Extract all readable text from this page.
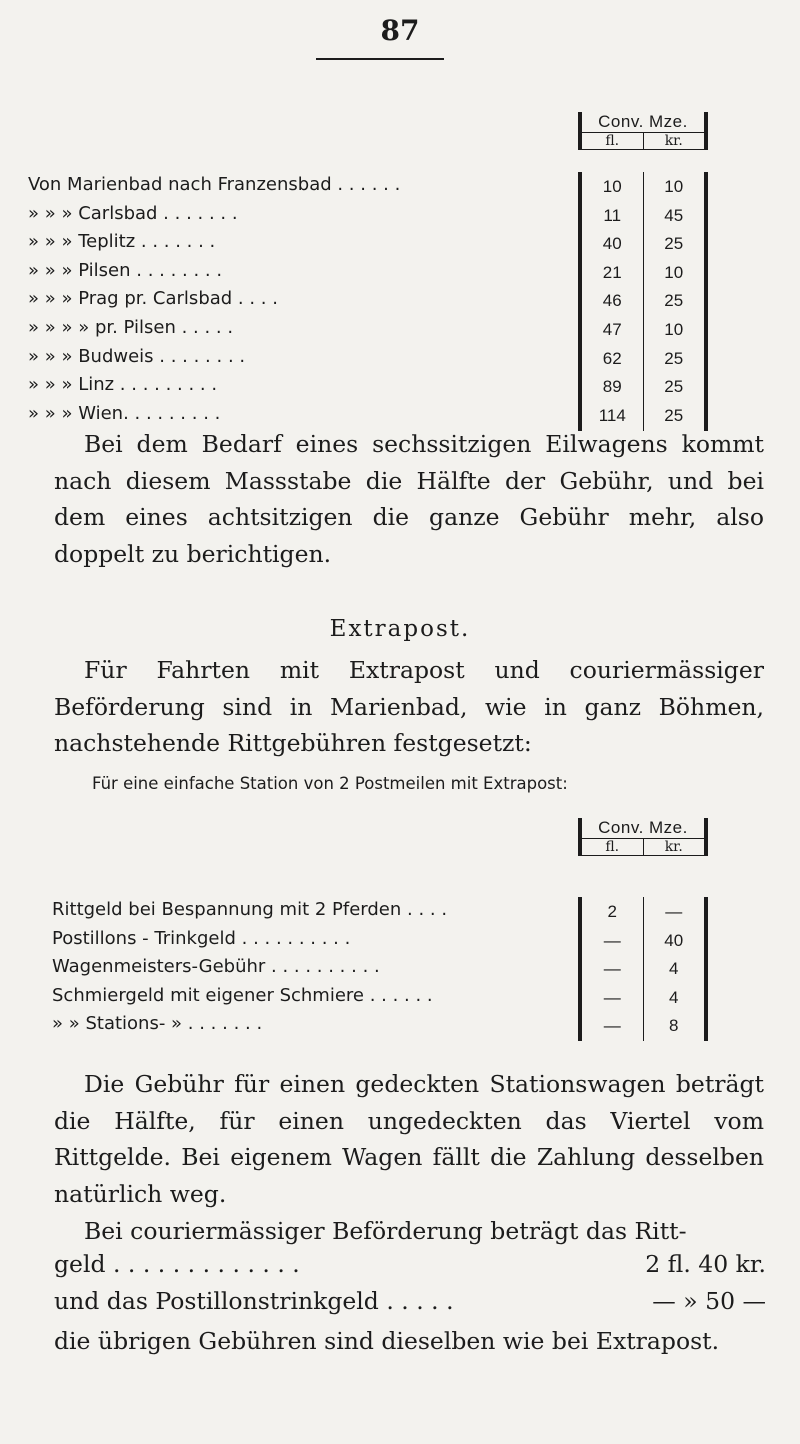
87
Conv. Mze.
fl.	kr.
Von Marienbad nach Franzensbad . . . . . .	10	10
» » » Carlsbad . . . . . . .	11	45
» » » Teplitz . . . . . . .	40	25
» » » Pilsen . . . . . . . .	21	10
» » » Prag pr. Carlsbad . . . .	46	25
» » » » pr. Pilsen . . . . .	47	10
» » » Budweis . . . . . . . .	62	25
» » » Linz . . . . . . . . .	89	25
» » » Wien. . . . . . . . .	114	25
Bei dem Bedarf eines sechssitzigen Eilwagens kommt nach diesem Massstabe die Hälfte der Gebühr, und bei dem eines achtsitzigen die ganze Gebühr mehr, also doppelt zu berichtigen.
Extrapost.
Für Fahrten mit Extrapost und couriermässiger Beförderung sind in Marienbad, wie in ganz Böhmen, nachstehende Rittgebühren festgesetzt:
Für eine einfache Station von 2 Postmeilen mit Extrapost:
Conv. Mze.
fl.	kr.
Rittgeld bei Bespannung mit 2 Pferden . . . .	2	—
Postillons - Trinkgeld . . . . . . . . . .	—	40
Wagenmeisters-Gebühr . . . . . . . . . .	—	4
Schmiergeld mit eigener Schmiere . . . . . .	—	4
» » Stations- » . . . . . . .	—	8
Die Gebühr für einen gedeckten Stationswagen beträgt die Hälfte, für einen ungedeckten das Viertel vom Rittgelde. Bei eigenem Wagen fällt die Zahlung desselben natürlich weg.
Bei couriermässiger Beförderung beträgt das Ritt-
geld . . . . . . . . . . . . .	2 fl. 40 kr.
und das Postillonstrinkgeld . . . . .	— » 50 —
die übrigen Gebühren sind dieselben wie bei Extrapost.
